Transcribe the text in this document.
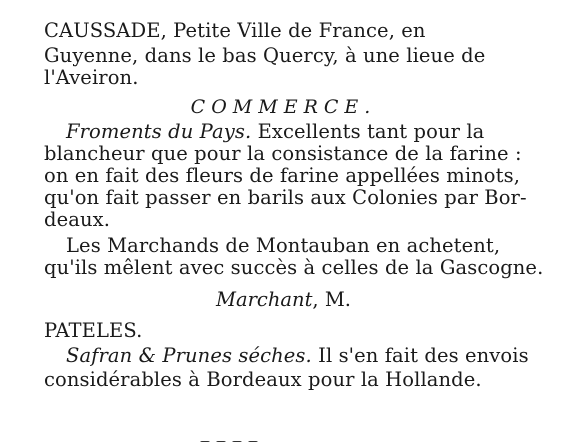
CAUSSADE, Petite Ville de France, en
Guyenne, dans le bas Quercy, à une lieue de
l'Aveiron.
COMMERCE.
Froments du Pays. Excellents tant pour la
blancheur que pour la consistance de la farine :
on en fait des fleurs de farine appellées minots,
qu'on fait passer en barils aux Colonies par Bor-
deaux.
Les Marchands de Montauban en achetent,
qu'ils mêlent avec succès à celles de la Gascogne.
Marchant, M.
PATELES.
Safran & Prunes séches. Il s'en fait des envois
considérables à Bordeaux pour la Hollande.
